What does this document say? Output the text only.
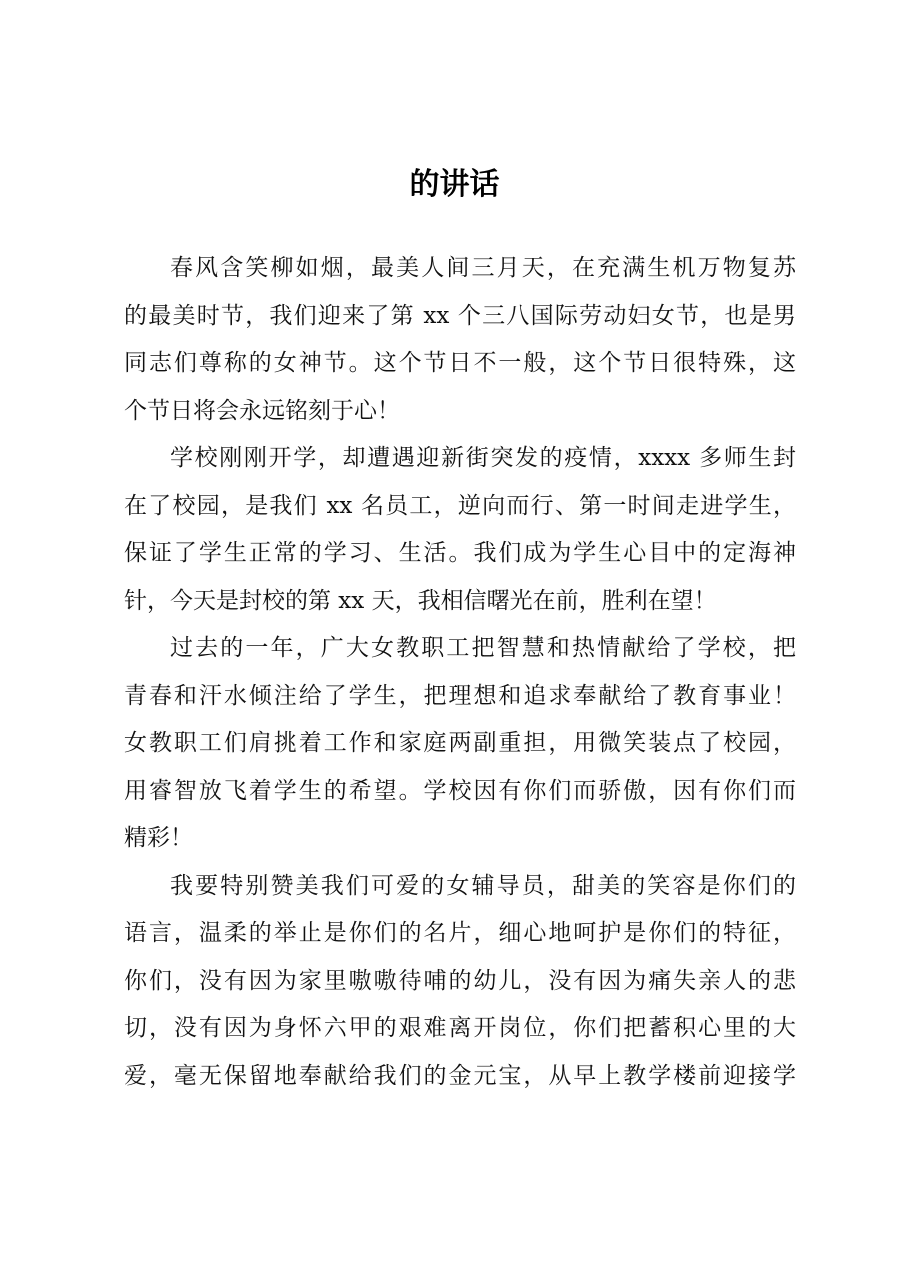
的讲话
春风含笑柳如烟，最美人间三月天，在充满生机万物复苏
的最美时节，我们迎来了第 xx 个三八国际劳动妇女节，也是男
同志们尊称的女神节。这个节日不一般，这个节日很特殊，这
个节日将会永远铭刻于心！
学校刚刚开学，却遭遇迎新街突发的疫情，xxxx 多师生封
在了校园，是我们 xx 名员工，逆向而行、第一时间走进学生，
保证了学生正常的学习、生活。我们成为学生心目中的定海神
针，今天是封校的第 xx 天，我相信曙光在前，胜利在望！
过去的一年，广大女教职工把智慧和热情献给了学校，把
青春和汗水倾注给了学生，把理想和追求奉献给了教育事业！
女教职工们肩挑着工作和家庭两副重担，用微笑装点了校园，
用睿智放飞着学生的希望。学校因有你们而骄傲，因有你们而
精彩！
我要特别赞美我们可爱的女辅导员，甜美的笑容是你们的
语言，温柔的举止是你们的名片，细心地呵护是你们的特征，
你们，没有因为家里嗷嗷待哺的幼儿，没有因为痛失亲人的悲
切，没有因为身怀六甲的艰难离开岗位，你们把蓄积心里的大
爱，毫无保留地奉献给我们的金元宝，从早上教学楼前迎接学
